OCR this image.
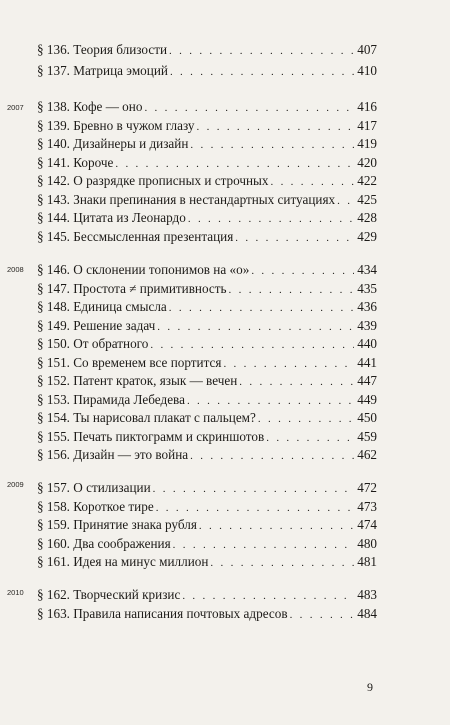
2007
2008
2009
2010
§ 136. Теория близости . . .	407
§ 137. Матрица эмоций . . .	410
§ 138. Кофе — оно . . .	416
§ 139. Бревно в чужом глазу . . .	417
§ 140. Дизайнеры и дизайн . . .	419
§ 141. Короче . . .	420
§ 142. О разрядке прописных и строчных . . .	422
§ 143. Знаки препинания в нестандартных ситуациях . . . 425
§ 144. Цитата из Леонардо . . .	428
§ 145. Бессмысленная презентация . . .	429
§ 146. О склонении топонимов на «о» . . .	434
§ 147. Простота ≠ примитивность . . .	435
§ 148. Единица смысла . . .	436
§ 149. Решение задач . . .	439
§ 150. От обратного . . .	440
§ 151. Со временем все портится . . .	441
§ 152. Патент краток, язык — вечен . . .	447
§ 153. Пирамида Лебедева . . .	449
§ 154. Ты нарисовал плакат с пальцем? . . .	450
§ 155. Печать пиктограмм и скриншотов . . .	459
§ 156. Дизайн — это война . . .	462
§ 157. О стилизации . . .	472
§ 158. Короткое тире . . .	473
§ 159. Принятие знака рубля . . .	474
§ 160. Два соображения . . .	480
§ 161. Идея на минус миллион . . .	481
§ 162. Творческий кризис . . .	483
§ 163. Правила написания почтовых адресов . . .	484
9
